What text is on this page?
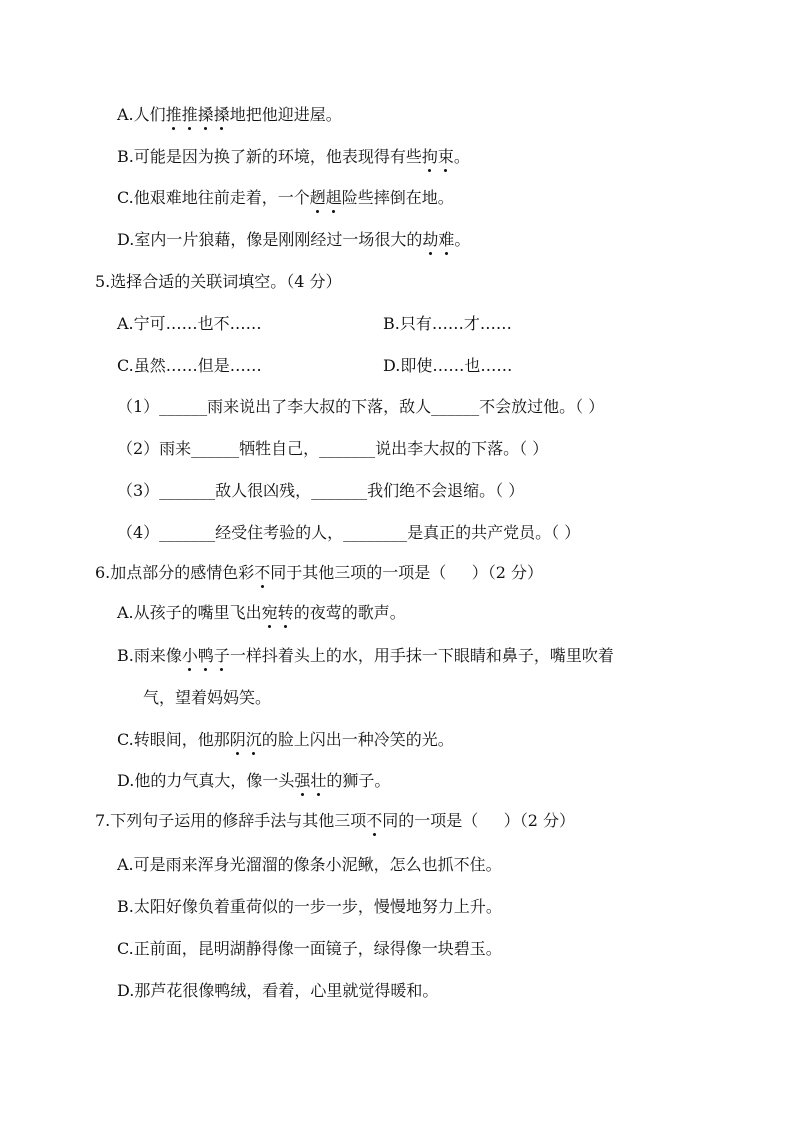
A.人们推推搡搡地把他迎进屋。
B.可能是因为换了新的环境，他表现得有些拘束。
C.他艰难地往前走着，一个趔趄险些摔倒在地。
D.室内一片狼藉，像是刚刚经过一场很大的劫难。
5.选择合适的关联词填空。（4 分）
A.宁可……也不……	B.只有……才……
C.虽然……但是……	D.即使……也……
（1）______雨来说出了李大叔的下落，敌人______不会放过他。（ ）
（2）雨来______牺牲自己，_______说出李大叔的下落。（ ）
（3）_______敌人很凶残，_______我们绝不会退缩。（ ）
（4）_______经受住考验的人，________是真正的共产党员。（ ）
6.加点部分的感情色彩不同于其他三项的一项是（     ）（2 分）
A.从孩子的嘴里飞出宛转的夜莺的歌声。
B.雨来像小鸭子一样抖着头上的水，用手抹一下眼睛和鼻子，嘴里吹着
气，望着妈妈笑。
C.转眼间，他那阴沉的脸上闪出一种冷笑的光。
D.他的力气真大，像一头强壮的狮子。
7.下列句子运用的修辞手法与其他三项不同的一项是（     ）（2 分）
A.可是雨来浑身光溜溜的像条小泥鳅，怎么也抓不住。
B.太阳好像负着重荷似的一步一步，慢慢地努力上升。
C.正前面，昆明湖静得像一面镜子，绿得像一块碧玉。
D.那芦花很像鸭绒，看着，心里就觉得暖和。
